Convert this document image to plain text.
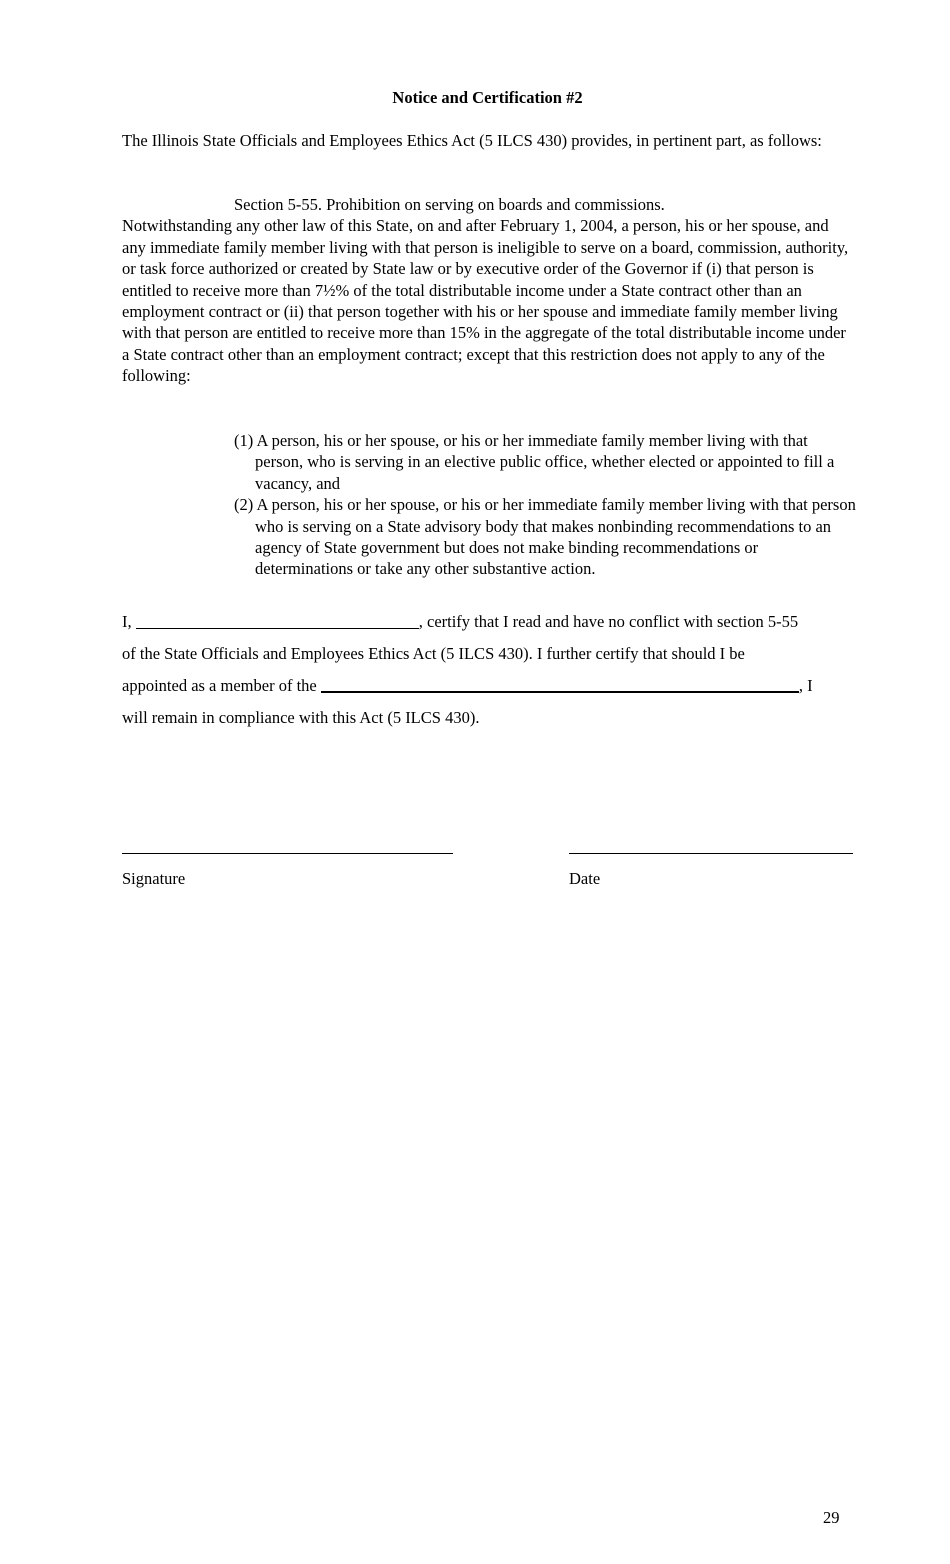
Notice and Certification #2
The Illinois State Officials and Employees Ethics Act (5 ILCS 430) provides, in pertinent part, as follows:
Section 5-55. Prohibition on serving on boards and commissions.
Notwithstanding any other law of this State, on and after February 1, 2004, a person, his or her spouse, and any immediate family member living with that person is ineligible to serve on a board, commission, authority, or task force authorized or created by State law or by executive order of the Governor if (i) that person is entitled to receive more than 7½% of the total distributable income under a State contract other than an employment contract or (ii) that person together with his or her spouse and immediate family member living with that person are entitled to receive more than 15% in the aggregate of the total distributable income under a State contract other than an employment contract; except that this restriction does not apply to any of the following:
(1) A person, his or her spouse, or his or her immediate family member living with that person, who is serving in an elective public office, whether elected or appointed to fill a vacancy, and
(2) A person, his or her spouse, or his or her immediate family member living with that person who is serving on a State advisory body that makes nonbinding recommendations to an agency of State government but does not make binding recommendations or determinations or take any other substantive action.
I,	, certify that I read and have no conflict with section 5-55
of the State Officials and Employees Ethics Act (5 ILCS 430). I further certify that should I be
appointed as a member of the	, I
will remain in compliance with this Act (5 ILCS 430).
Signature	Date
29
